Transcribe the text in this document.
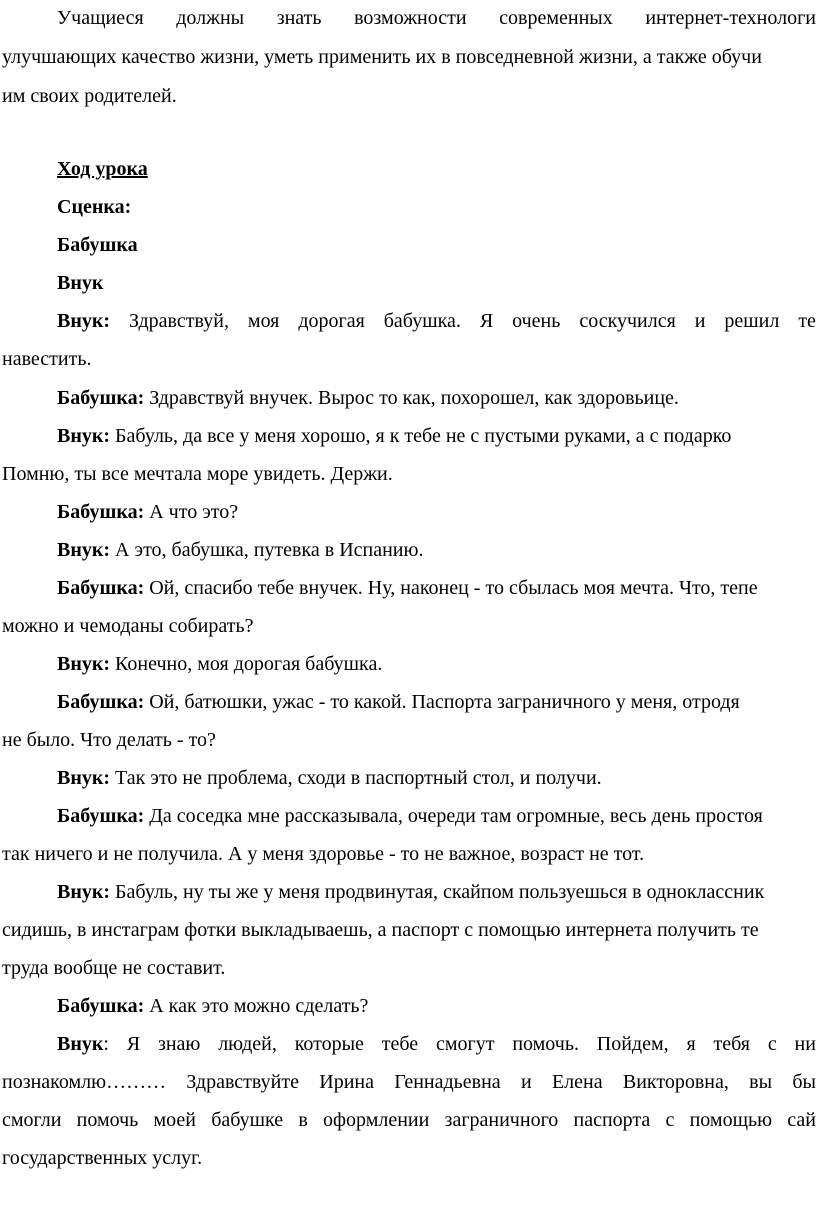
Учащиеся должны знать возможности современных интернет-технологи
улучшающих качество жизни, уметь применить их в повседневной жизни, а также обучи
им своих родителей.
Ход урока
Сценка:
Бабушка
Внук
Внук: Здравствуй, моя дорогая бабушка. Я очень соскучился и решил те
навестить.
Бабушка: Здравствуй внучек. Вырос то как, похорошел, как здоровьице.
Внук: Бабуль, да все у меня хорошо, я к тебе не с пустыми руками, а с подарко
Помню, ты все мечтала море увидеть. Держи.
Бабушка: А что это?
Внук: А это, бабушка, путевка в Испанию.
Бабушка: Ой, спасибо тебе внучек. Ну, наконец - то сбылась моя мечта. Что, тепе
можно и чемоданы собирать?
Внук: Конечно, моя дорогая бабушка.
Бабушка: Ой, батюшки, ужас - то какой. Паспорта заграничного у меня, отродя
не было. Что делать - то?
Внук: Так это не проблема, сходи в паспортный стол, и получи.
Бабушка: Да соседка мне рассказывала, очереди там огромные, весь день простоя
так ничего и не получила. А у меня здоровье - то не важное, возраст не тот.
Внук: Бабуль, ну ты же у меня продвинутая, скайпом пользуешься в одноклассник
сидишь, в инстаграм фотки выкладываешь, а паспорт с помощью интернета получить те
труда вообще не составит.
Бабушка: А как это можно сделать?
Внук: Я знаю людей, которые тебе смогут помочь. Пойдем, я тебя с ни
познакомлю……… Здравствуйте Ирина Геннадьевна и Елена Викторовна, вы бы
смогли помочь моей бабушке в оформлении заграничного паспорта с помощью сай
государственных услуг.
